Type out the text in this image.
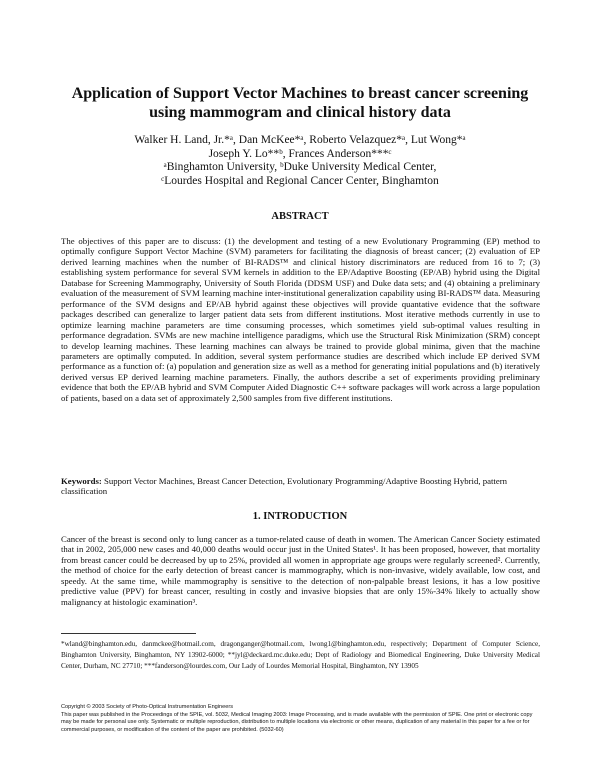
Application of Support Vector Machines to breast cancer screening
using mammogram and clinical history data
Walker H. Land, Jr.*ᵃ, Dan McKee*ᵃ, Roberto Velazquez*ᵃ, Lut Wong*ᵃ
Joseph Y. Lo**ᵇ, Frances Anderson***ᶜ
ᵃBinghamton University, ᵇDuke University Medical Center,
ᶜLourdes Hospital and Regional Cancer Center, Binghamton
ABSTRACT
The objectives of this paper are to discuss: (1) the development and testing of a new Evolutionary Programming (EP) method to optimally configure Support Vector Machine (SVM) parameters for facilitating the diagnosis of breast cancer; (2) evaluation of EP derived learning machines when the number of BI-RADS™ and clinical history discriminators are reduced from 16 to 7; (3) establishing system performance for several SVM kernels in addition to the EP/Adaptive Boosting (EP/AB) hybrid using the Digital Database for Screening Mammography, University of South Florida (DDSM USF) and Duke data sets; and (4) obtaining a preliminary evaluation of the measurement of SVM learning machine inter-institutional generalization capability using BI-RADS™ data. Measuring performance of the SVM designs and EP/AB hybrid against these objectives will provide quantative evidence that the software packages described can generalize to larger patient data sets from different institutions. Most iterative methods currently in use to optimize learning machine parameters are time consuming processes, which sometimes yield sub-optimal values resulting in performance degradation. SVMs are new machine intelligence paradigms, which use the Structural Risk Minimization (SRM) concept to develop learning machines. These learning machines can always be trained to provide global minima, given that the machine parameters are optimally computed. In addition, several system performance studies are described which include EP derived SVM performance as a function of: (a) population and generation size as well as a method for generating initial populations and (b) iteratively derived versus EP derived learning machine parameters. Finally, the authors describe a set of experiments providing preliminary evidence that both the EP/AB hybrid and SVM Computer Aided Diagnostic C++ software packages will work across a large population of patients, based on a data set of approximately 2,500 samples from five different institutions.
Keywords: Support Vector Machines, Breast Cancer Detection, Evolutionary Programming/Adaptive Boosting Hybrid, pattern classification
1. INTRODUCTION
Cancer of the breast is second only to lung cancer as a tumor-related cause of death in women. The American Cancer Society estimated that in 2002, 205,000 new cases and 40,000 deaths would occur just in the United States¹. It has been proposed, however, that mortality from breast cancer could be decreased by up to 25%, provided all women in appropriate age groups were regularly screened². Currently, the method of choice for the early detection of breast cancer is mammography, which is non-invasive, widely available, low cost, and speedy. At the same time, while mammography is sensitive to the detection of non-palpable breast lesions, it has a low positive predictive value (PPV) for breast cancer, resulting in costly and invasive biopsies that are only 15%-34% likely to actually show malignancy at histologic examination³.
*wland@binghamton.edu, danmckee@hotmail.com, dragonganger@hotmail.com, lwong1@binghamton.edu, respectively; Department of Computer Science, Binghamton University, Binghamton, NY 13902-6000; **jyl@deckard.mc.duke.edu; Dept of Radiology and Biomedical Engineering, Duke University Medical Center, Durham, NC 27710; ***fanderson@lourdes.com, Our Lady of Lourdes Memorial Hospital, Binghamton, NY 13905
Copyright © 2003 Society of Photo-Optical Instrumentation Engineers
This paper was published in the Proceedings of the SPIE, vol. 5032, Medical Imaging 2003: Image Processing, and is made available with the permission of SPIE. One print or electronic copy may be made for personal use only. Systematic or multiple reproduction, distribution to multiple locations via electronic or other means, duplication of any material in this paper for a fee or for commercial purposes, or modification of the content of the paper are prohibited. (5032-60)
